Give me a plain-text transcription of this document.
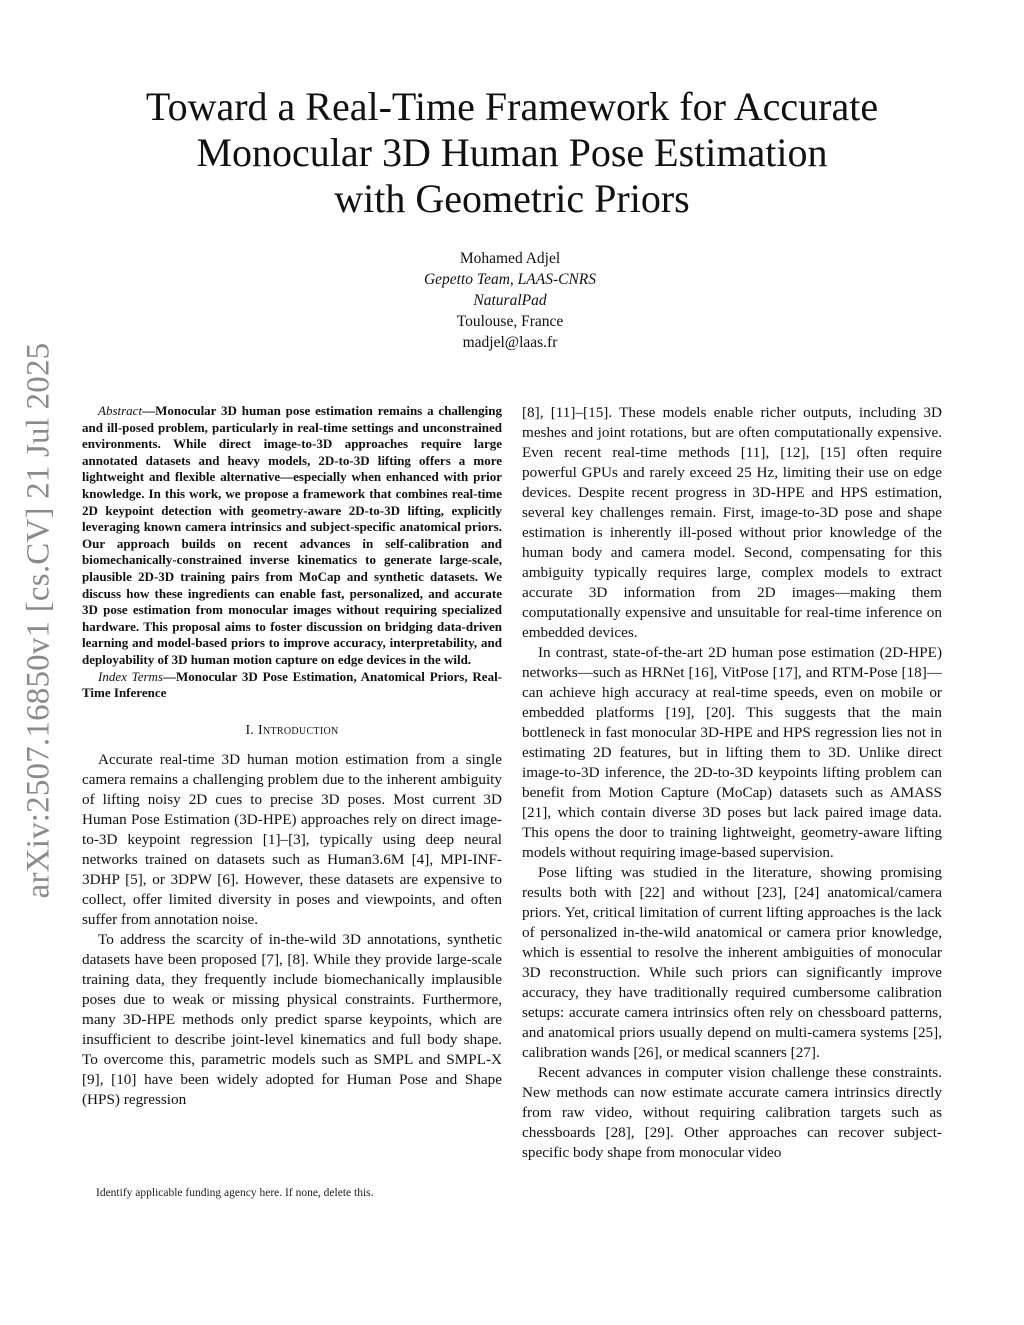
arXiv:2507.16850v1 [cs.CV] 21 Jul 2025
Toward a Real-Time Framework for Accurate
Monocular 3D Human Pose Estimation
with Geometric Priors
Mohamed Adjel
Gepetto Team, LAAS-CNRS
NaturalPad
Toulouse, France
madjel@laas.fr

Abstract—Monocular 3D human pose estimation remains a challenging and ill-posed problem, particularly in real-time settings and unconstrained environments. While direct image-to-3D approaches require large annotated datasets and heavy models, 2D-to-3D lifting offers a more lightweight and flexible alternative—especially when enhanced with prior knowledge. In this work, we propose a framework that combines real-time 2D keypoint detection with geometry-aware 2D-to-3D lifting, explicitly leveraging known camera intrinsics and subject-specific anatomical priors. Our approach builds on recent advances in self-calibration and biomechanically-constrained inverse kinematics to generate large-scale, plausible 2D-3D training pairs from MoCap and synthetic datasets. We discuss how these ingredients can enable fast, personalized, and accurate 3D pose estimation from monocular images without requiring specialized hardware. This proposal aims to foster discussion on bridging data-driven learning and model-based priors to improve accuracy, interpretability, and deployability of 3D human motion capture on edge devices in the wild.

Index Terms—Monocular 3D Pose Estimation, Anatomical Priors, Real-Time Inference

I. Introduction

Accurate real-time 3D human motion estimation from a single camera remains a challenging problem due to the inherent ambiguity of lifting noisy 2D cues to precise 3D poses. Most current 3D Human Pose Estimation (3D-HPE) approaches rely on direct image-to-3D keypoint regression [1]–[3], typically using deep neural networks trained on datasets such as Human3.6M [4], MPI-INF-3DHP [5], or 3DPW [6]. However, these datasets are expensive to collect, offer limited diversity in poses and viewpoints, and often suffer from annotation noise.

To address the scarcity of in-the-wild 3D annotations, synthetic datasets have been proposed [7], [8]. While they provide large-scale training data, they frequently include biomechanically implausible poses due to weak or missing physical constraints. Furthermore, many 3D-HPE methods only predict sparse keypoints, which are insufficient to describe joint-level kinematics and full body shape. To overcome this, parametric models such as SMPL and SMPL-X [9], [10] have been widely adopted for Human Pose and Shape (HPS) regression

[8], [11]–[15]. These models enable richer outputs, including 3D meshes and joint rotations, but are often computationally expensive. Even recent real-time methods [11], [12], [15] often require powerful GPUs and rarely exceed 25 Hz, limiting their use on edge devices. Despite recent progress in 3D-HPE and HPS estimation, several key challenges remain. First, image-to-3D pose and shape estimation is inherently ill-posed without prior knowledge of the human body and camera model. Second, compensating for this ambiguity typically requires large, complex models to extract accurate 3D information from 2D images—making them computationally expensive and unsuitable for real-time inference on embedded devices.

In contrast, state-of-the-art 2D human pose estimation (2D-HPE) networks—such as HRNet [16], VitPose [17], and RTM-Pose [18]— can achieve high accuracy at real-time speeds, even on mobile or embedded platforms [19], [20]. This suggests that the main bottleneck in fast monocular 3D-HPE and HPS regression lies not in estimating 2D features, but in lifting them to 3D. Unlike direct image-to-3D inference, the 2D-to-3D keypoints lifting problem can benefit from Motion Capture (MoCap) datasets such as AMASS [21], which contain diverse 3D poses but lack paired image data. This opens the door to training lightweight, geometry-aware lifting models without requiring image-based supervision.

Pose lifting was studied in the literature, showing promising results both with [22] and without [23], [24] anatomical/camera priors. Yet, critical limitation of current lifting approaches is the lack of personalized in-the-wild anatomical or camera prior knowledge, which is essential to resolve the inherent ambiguities of monocular 3D reconstruction. While such priors can significantly improve accuracy, they have traditionally required cumbersome calibration setups: accurate camera intrinsics often rely on chessboard patterns, and anatomical priors usually depend on multi-camera systems [25], calibration wands [26], or medical scanners [27].

Recent advances in computer vision challenge these constraints. New methods can now estimate accurate camera intrinsics directly from raw video, without requiring calibration targets such as chessboards [28], [29]. Other approaches can recover subject-specific body shape from monocular video

Identify applicable funding agency here. If none, delete this.
